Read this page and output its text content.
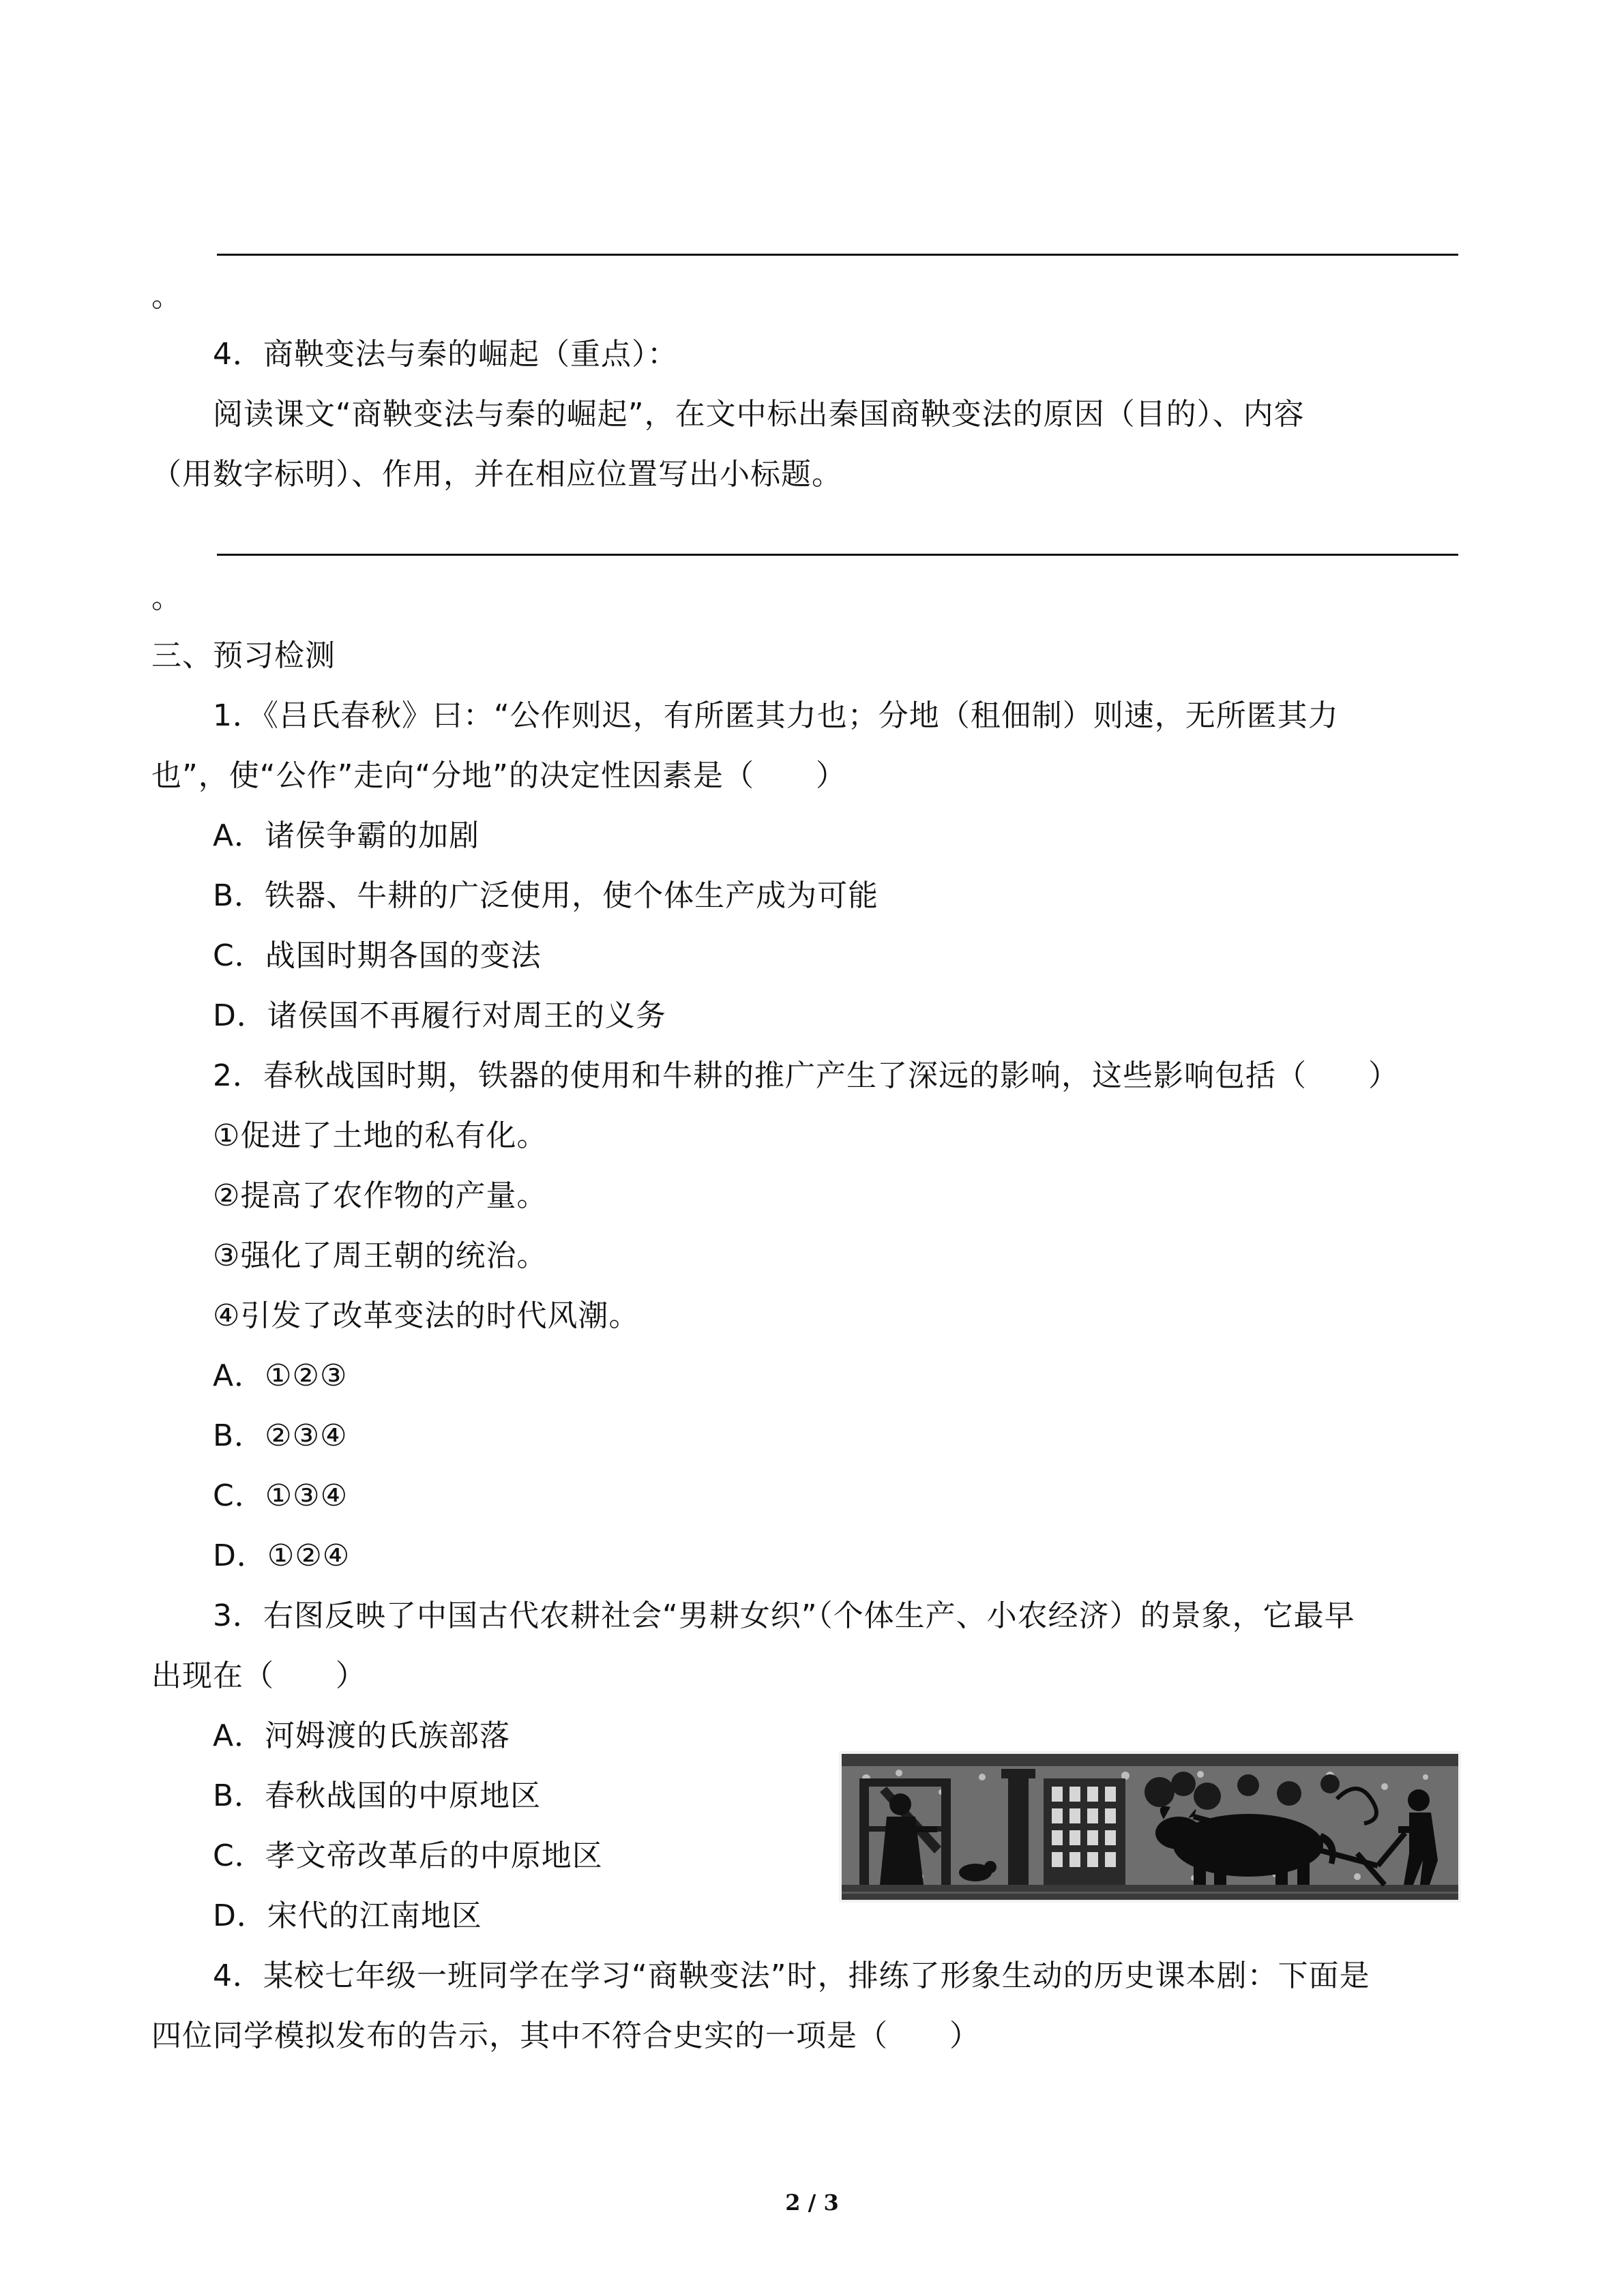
。
4．商鞅变法与秦的崛起（重点）：
阅读课文“商鞅变法与秦的崛起”，在文中标出秦国商鞅变法的原因（目的）、内容
（用数字标明）、作用，并在相应位置写出小标题。
。
三、预习检测
1．《吕氏春秋》曰：“公作则迟，有所匿其力也；分地（租佃制）则速，无所匿其力
也”，使“公作”走向“分地”的决定性因素是（　　）
A．诸侯争霸的加剧
B．铁器、牛耕的广泛使用，使个体生产成为可能
C．战国时期各国的变法
D．诸侯国不再履行对周王的义务
2．春秋战国时期，铁器的使用和牛耕的推广产生了深远的影响，这些影响包括（　　）
①促进了土地的私有化。
②提高了农作物的产量。
③强化了周王朝的统治。
④引发了改革变法的时代风潮。
A．①②③
B．②③④
C．①③④
D．①②④
3．右图反映了中国古代农耕社会“男耕女织”（个体生产、小农经济）的景象，它最早
出现在（　　）
A．河姆渡的氏族部落
B．春秋战国的中原地区
C．孝文帝改革后的中原地区
D．宋代的江南地区
4．某校七年级一班同学在学习“商鞅变法”时，排练了形象生动的历史课本剧：下面是
四位同学模拟发布的告示，其中不符合史实的一项是（　　）
2 / 3
